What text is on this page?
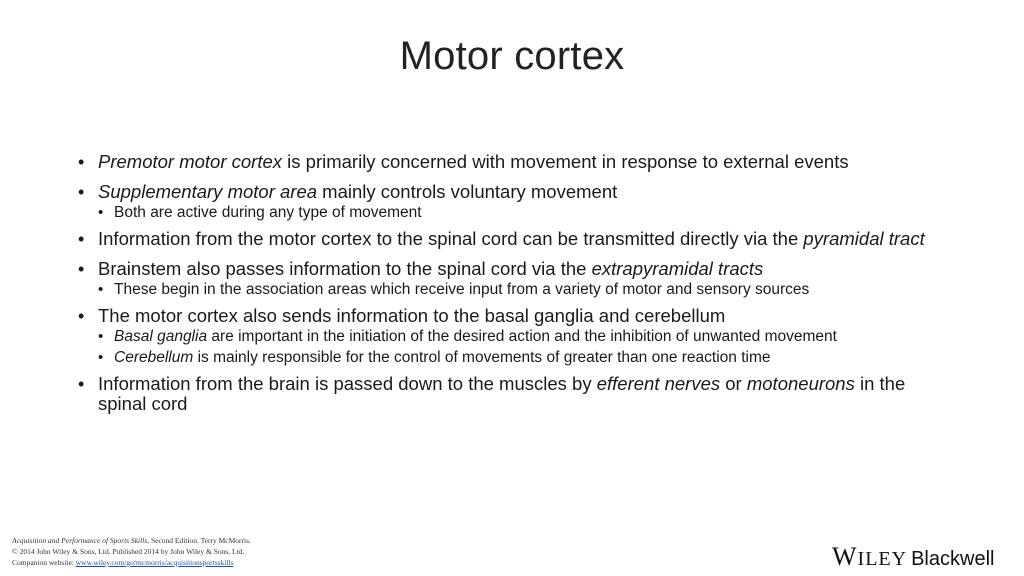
Motor cortex
• Premotor motor cortex is primarily concerned with movement in response to external events
• Supplementary motor area mainly controls voluntary movement
• Both are active during any type of movement
• Information from the motor cortex to the spinal cord can be transmitted directly via the pyramidal tract
• Brainstem also passes information to the spinal cord via the extrapyramidal tracts
• These begin in the association areas which receive input from a variety of motor and sensory sources
• The motor cortex also sends information to the basal ganglia and cerebellum
• Basal ganglia are important in the initiation of the desired action and the inhibition of unwanted movement
• Cerebellum is mainly responsible for the control of movements of greater than one reaction time
• Information from the brain is passed down to the muscles by efferent nerves or motoneurons in the spinal cord
Acquisition and Performance of Sports Skills, Second Edition. Terry McMorris.
© 2014 John Wiley & Sons, Ltd. Published 2014 by John Wiley & Sons, Ltd.
Companion website: www.wiley.com/go/mcmorris/acquisitionsportsskills	WILEY Blackwell
